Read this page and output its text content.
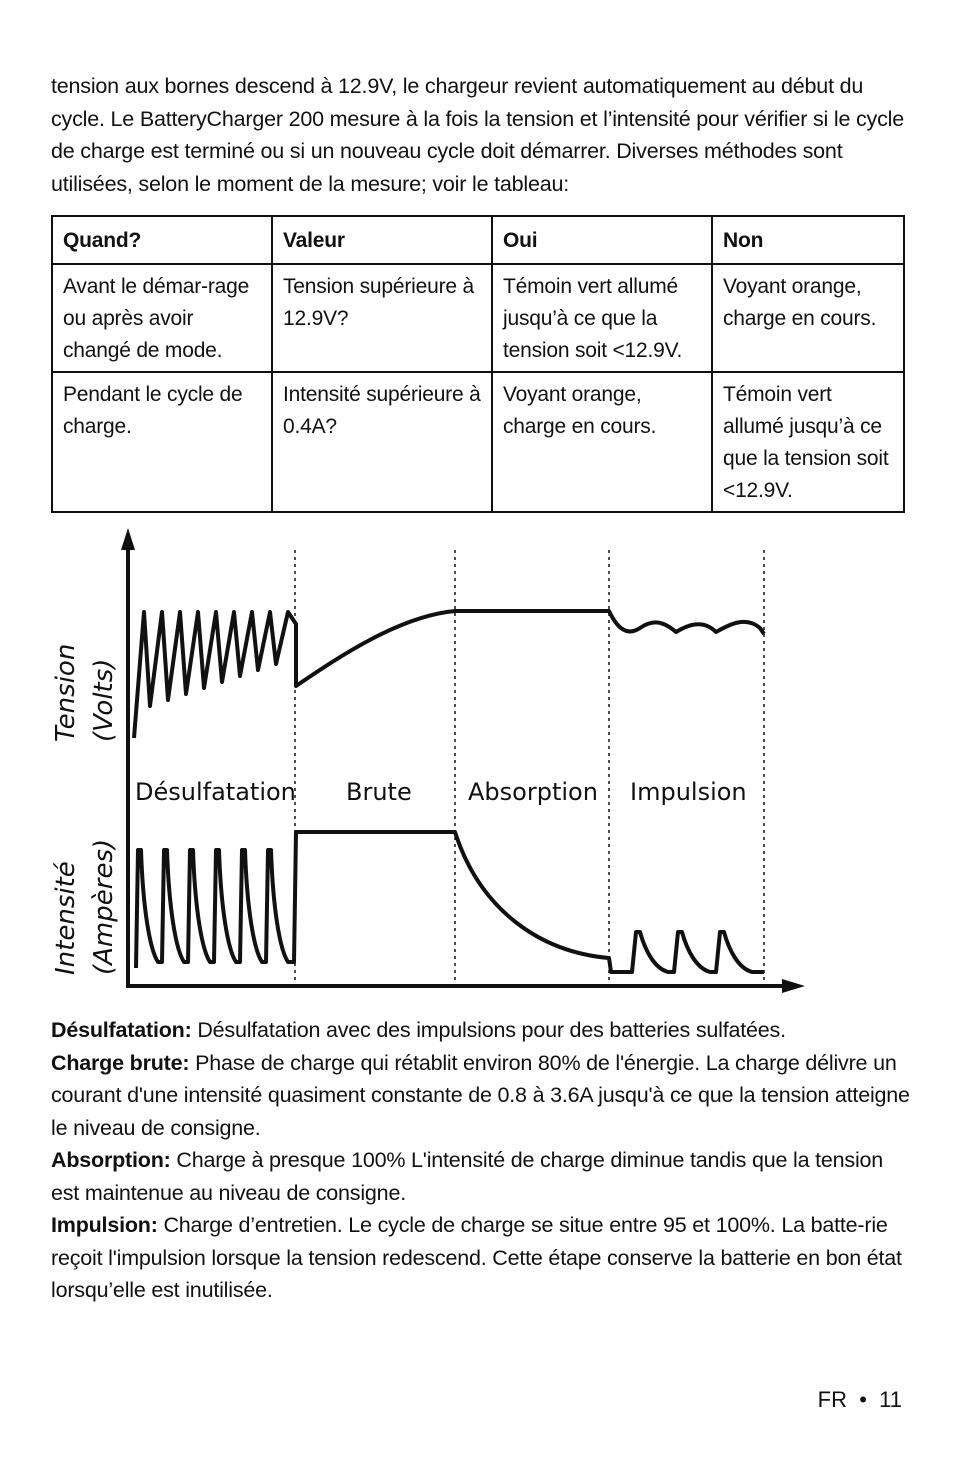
tension aux bornes descend à 12.9V, le chargeur revient automatiquement au début du cycle. Le BatteryCharger 200 mesure à la fois la tension et l’intensité pour vérifier si le cycle de charge est terminé ou si un nouveau cycle doit démarrer. Diverses méthodes sont utilisées, selon le moment de la mesure; voir le tableau:

Quand?	Valeur	Oui	Non
Avant le démar-rage ou après avoir changé de mode.	Tension supérieure à 12.9V?	Témoin vert allumé jusqu’à ce que la tension soit <12.9V.	Voyant orange, charge en cours.
Pendant le cycle de charge.	Intensité supérieure à 0.4A?	Voyant orange, charge en cours.	Témoin vert allumé jusqu’à ce que la tension soit <12.9V.
Désulfatation Brute Absorption Impulsion
Tension (Volts)
Intensité (Ampères)

Désulfatation: Désulfatation avec des impulsions pour des batteries sulfatées.

Charge brute: Phase de charge qui rétablit environ 80% de l'énergie. La charge délivre un courant d'une intensité quasiment constante de 0.8 à 3.6A jusqu'à ce que la tension atteigne le niveau de consigne.

Absorption: Charge à presque 100% L'intensité de charge diminue tandis que la tension est maintenue au niveau de consigne.

Impulsion: Charge d’entretien. Le cycle de charge se situe entre 95 et 100%. La batte-rie reçoit l'impulsion lorsque la tension redescend. Cette étape conserve la batterie en bon état lorsqu’elle est inutilisée.

FR  •  11
